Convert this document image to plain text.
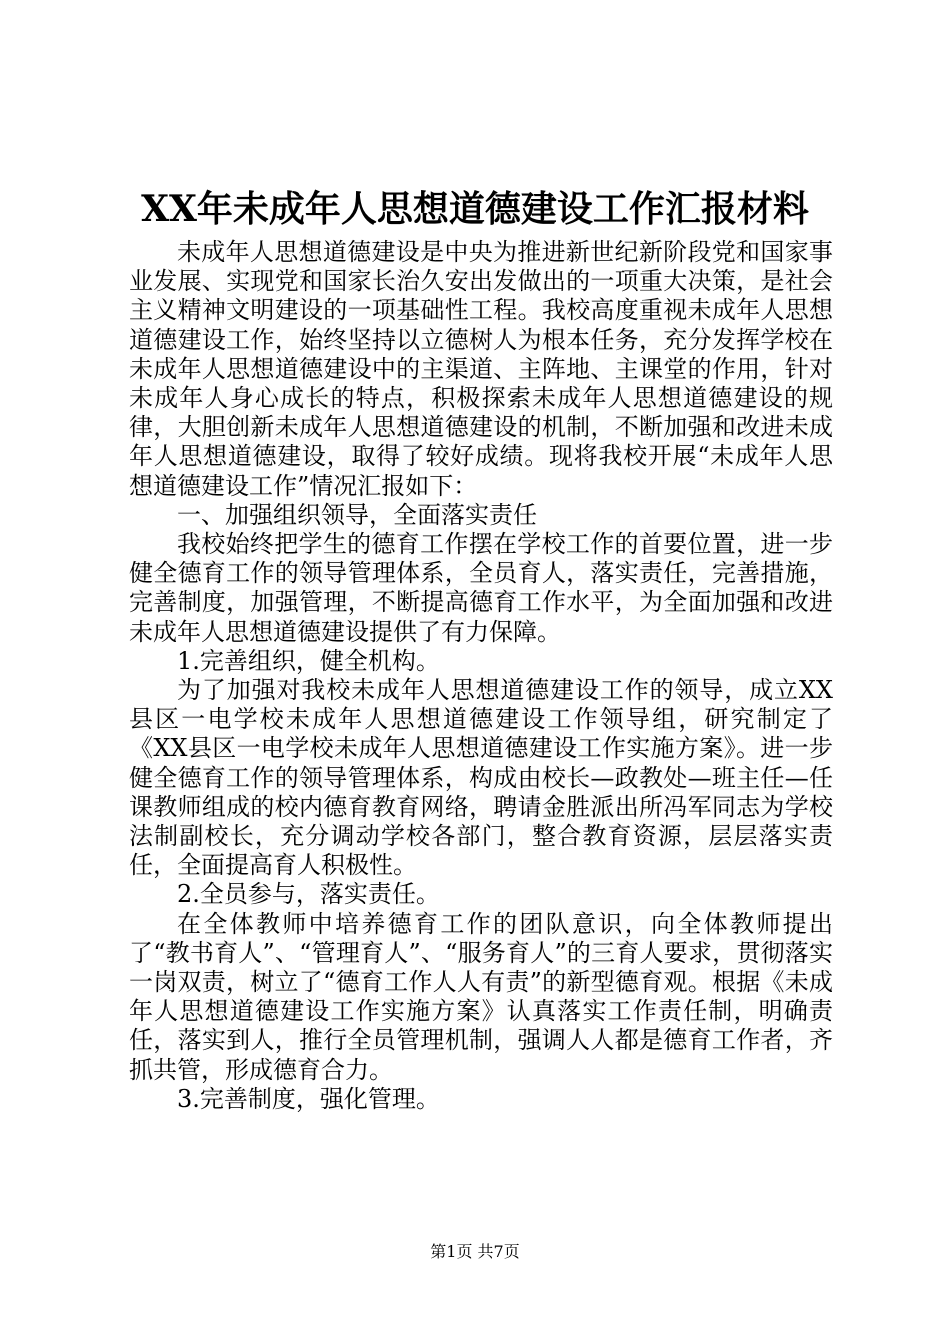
XX年未成年人思想道德建设工作汇报材料

未成年人思想道德建设是中央为推进新世纪新阶段党和国家事业发展、实现党和国家长治久安出发做出的一项重大决策，是社会主义精神文明建设的一项基础性工程。我校高度重视未成年人思想道德建设工作，始终坚持以立德树人为根本任务，充分发挥学校在未成年人思想道德建设中的主渠道、主阵地、主课堂的作用，针对未成年人身心成长的特点，积极探索未成年人思想道德建设的规律，大胆创新未成年人思想道德建设的机制，不断加强和改进未成年人思想道德建设，取得了较好成绩。现将我校开展“未成年人思想道德建设工作”情况汇报如下：

一、加强组织领导，全面落实责任

我校始终把学生的德育工作摆在学校工作的首要位置，进一步健全德育工作的领导管理体系，全员育人，落实责任，完善措施，完善制度，加强管理，不断提高德育工作水平，为全面加强和改进未成年人思想道德建设提供了有力保障。

1.完善组织，健全机构。

为了加强对我校未成年人思想道德建设工作的领导，成立XX县区一电学校未成年人思想道德建设工作领导组，研究制定了《XX县区一电学校未成年人思想道德建设工作实施方案》。进一步健全德育工作的领导管理体系，构成由校长—政教处—班主任—任课教师组成的校内德育教育网络，聘请金胜派出所冯军同志为学校法制副校长，充分调动学校各部门，整合教育资源，层层落实责任，全面提高育人积极性。

2.全员参与，落实责任。

在全体教师中培养德育工作的团队意识，向全体教师提出了“教书育人”、“管理育人”、“服务育人”的三育人要求，贯彻落实一岗双责，树立了“德育工作人人有责”的新型德育观。根据《未成年人思想道德建设工作实施方案》认真落实工作责任制，明确责任，落实到人，推行全员管理机制，强调人人都是德育工作者，齐抓共管，形成德育合力。

3.完善制度，强化管理。

第1页 共7页
